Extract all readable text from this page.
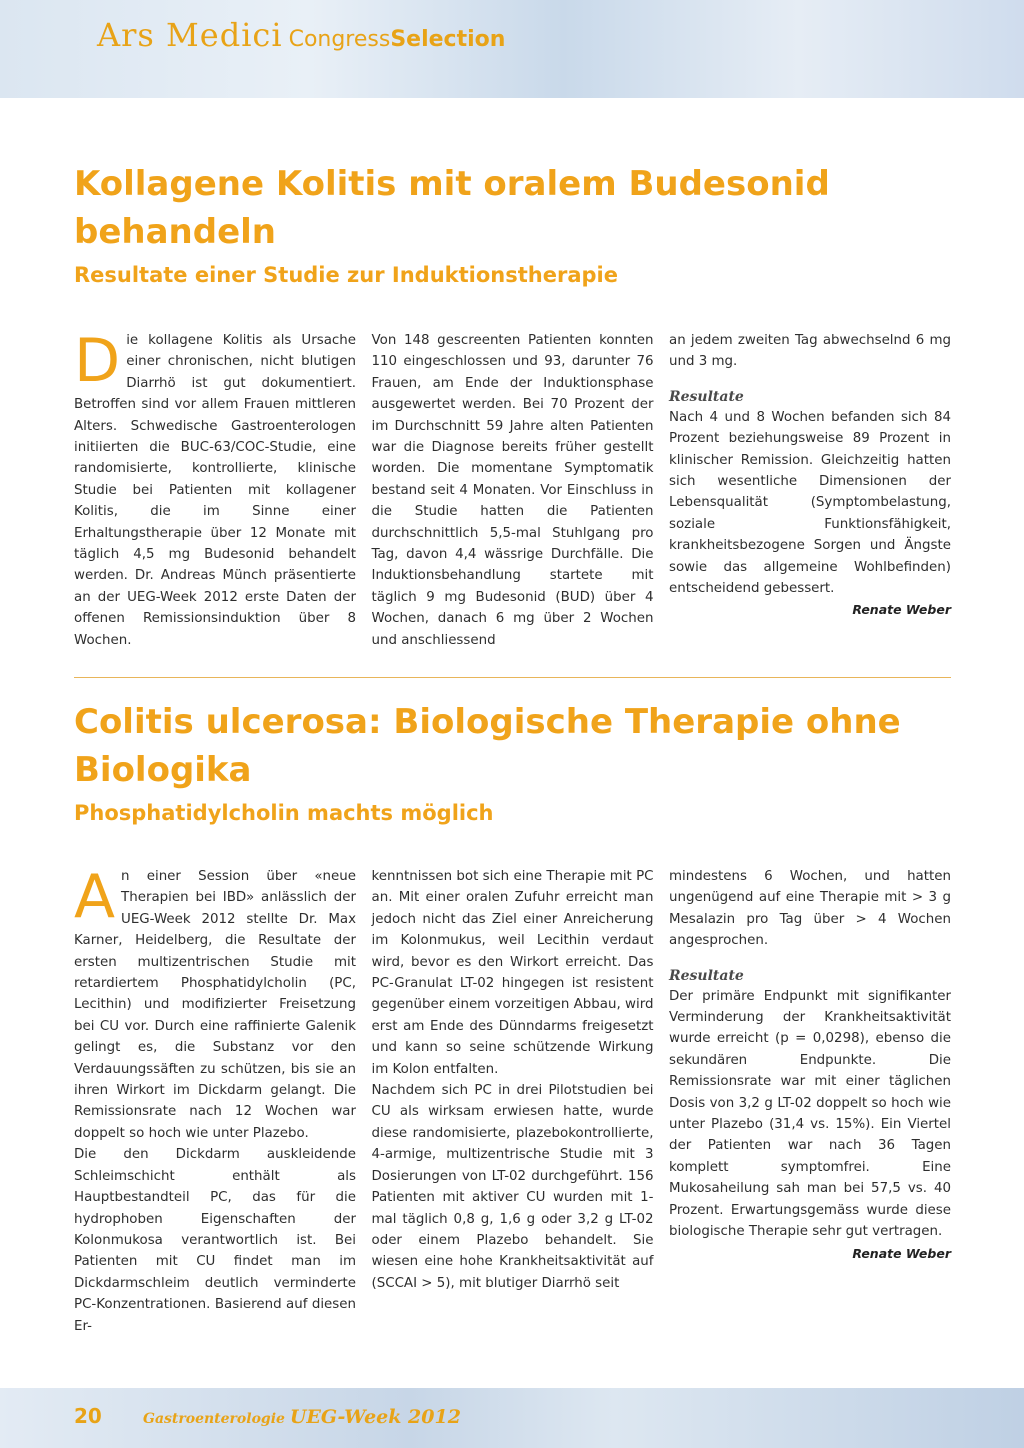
Ars Medici CongressSelection
Kollagene Kolitis mit oralem Budesonid behandeln
Resultate einer Studie zur Induktionstherapie

Die kollagene Kolitis als Ursache einer chronischen, nicht blutigen Diarrhö ist gut dokumentiert. Betroffen sind vor allem Frauen mittleren Alters. Schwedische Gastroenterologen initiierten die BUC-63/COC-Studie, eine randomisierte, kontrollierte, klinische Studie bei Patienten mit kollagener Kolitis, die im Sinne einer Erhaltungstherapie über 12 Monate mit täglich 4,5 mg Budesonid behandelt werden. Dr. Andreas Münch präsentierte an der UEG-Week 2012 erste Daten der offenen Remissionsinduktion über 8 Wochen.

Von 148 gescreenten Patienten konnten 110 eingeschlossen und 93, darunter 76 Frauen, am Ende der Induktionsphase ausgewertet werden. Bei 70 Prozent der im Durchschnitt 59 Jahre alten Patienten war die Diagnose bereits früher gestellt worden. Die momentane Symptomatik bestand seit 4 Monaten. Vor Einschluss in die Studie hatten die Patienten durchschnittlich 5,5-mal Stuhlgang pro Tag, davon 4,4 wässrige Durchfälle. Die Induktionsbehandlung startete mit täglich 9 mg Budesonid (BUD) über 4 Wochen, danach 6 mg über 2 Wochen und anschliessend

an jedem zweiten Tag abwechselnd 6 mg und 3 mg.

Resultate

Nach 4 und 8 Wochen befanden sich 84 Prozent beziehungsweise 89 Prozent in klinischer Remission. Gleichzeitig hatten sich wesentliche Dimensionen der Lebensqualität (Symptombelastung, soziale Funktionsfähigkeit, krankheitsbezogene Sorgen und Ängste sowie das allgemeine Wohlbefinden) entscheidend gebessert.

Renate Weber

Colitis ulcerosa: Biologische Therapie ohne Biologika
Phosphatidylcholin machts möglich

An einer Session über «neue Therapien bei IBD» anlässlich der UEG-Week 2012 stellte Dr. Max Karner, Heidelberg, die Resultate der ersten multizentrischen Studie mit retardiertem Phosphatidylcholin (PC, Lecithin) und modifizierter Freisetzung bei CU vor. Durch eine raffinierte Galenik gelingt es, die Substanz vor den Verdauungssäften zu schützen, bis sie an ihren Wirkort im Dickdarm gelangt. Die Remissionsrate nach 12 Wochen war doppelt so hoch wie unter Plazebo.

Die den Dickdarm auskleidende Schleimschicht enthält als Hauptbestandteil PC, das für die hydrophoben Eigenschaften der Kolonmukosa verantwortlich ist. Bei Patienten mit CU findet man im Dickdarmschleim deutlich verminderte PC-Konzentrationen. Basierend auf diesen Er-

kenntnissen bot sich eine Therapie mit PC an. Mit einer oralen Zufuhr erreicht man jedoch nicht das Ziel einer Anreicherung im Kolonmukus, weil Lecithin verdaut wird, bevor es den Wirkort erreicht. Das PC-Granulat LT-02 hingegen ist resistent gegenüber einem vorzeitigen Abbau, wird erst am Ende des Dünndarms freigesetzt und kann so seine schützende Wirkung im Kolon entfalten.

Nachdem sich PC in drei Pilotstudien bei CU als wirksam erwiesen hatte, wurde diese randomisierte, plazebokontrollierte, 4-armige, multizentrische Studie mit 3 Dosierungen von LT-02 durchgeführt. 156 Patienten mit aktiver CU wurden mit 1-mal täglich 0,8 g, 1,6 g oder 3,2 g LT-02 oder einem Plazebo behandelt. Sie wiesen eine hohe Krankheitsaktivität auf (SCCAI > 5), mit blutiger Diarrhö seit

mindestens 6 Wochen, und hatten ungenügend auf eine Therapie mit > 3 g Mesalazin pro Tag über > 4 Wochen angesprochen.

Resultate

Der primäre Endpunkt mit signifikanter Verminderung der Krankheitsaktivität wurde erreicht (p = 0,0298), ebenso die sekundären Endpunkte. Die Remissionsrate war mit einer täglichen Dosis von 3,2 g LT-02 doppelt so hoch wie unter Plazebo (31,4 vs. 15%). Ein Viertel der Patienten war nach 36 Tagen komplett symptomfrei. Eine Mukosaheilung sah man bei 57,5 vs. 40 Prozent. Erwartungsgemäss wurde diese biologische Therapie sehr gut vertragen.

Renate Weber

20	Gastroenterologie UEG-Week 2012
